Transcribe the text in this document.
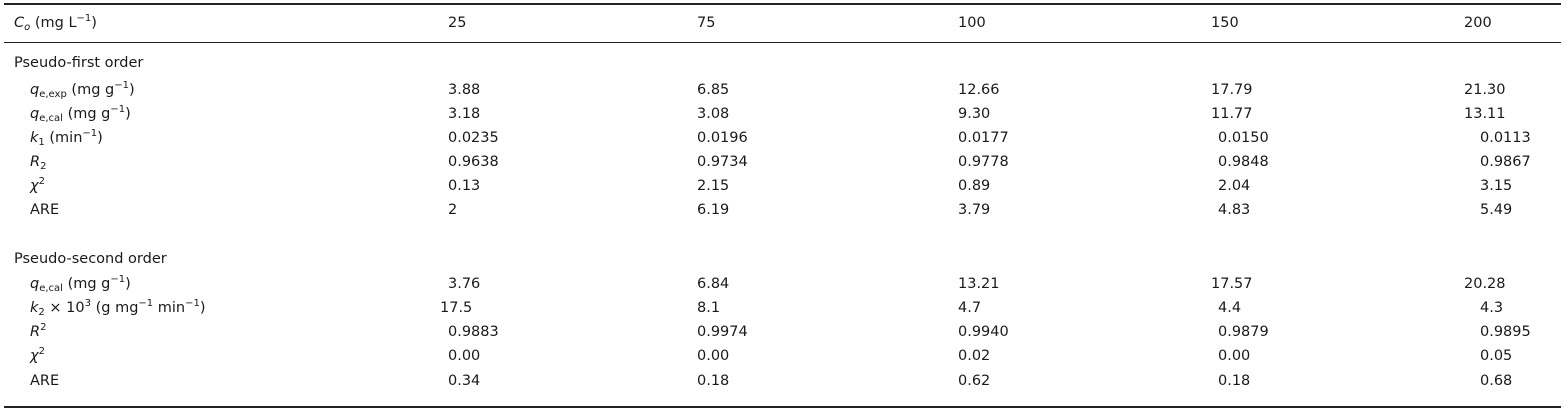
$C_o$ (mg $L^{-1}$)	25	75	100	150	200
Pseudo-first order
$q_{e,exp}$ (mg $g^{-1}$)	3.88	6.85	12.66	17.79	21.30
$q_{e,cal}$ (mg $g^{-1}$)	3.18	3.08	9.30	11.77	13.11
$k_1$ $(\min^{-1})$	0.0235	0.0196	0.0177	0.0150	0.0113
$R_2$	0.9638	0.9734	0.9778	0.9848	0.9867
$\chi^2$	0.13	2.15	0.89	2.04	3.15
ARE	2	6.19	3.79	4.83	5.49
Pseudo-second order
$q_{e,cal}$ (mg $g^{-1}$)	3.76	6.84	13.21	17.57	20.28
$k_2 \times 10^3$ (g $mg^{-1}$ $\min^{-1}$)	17.5	8.1	4.7	4.4	4.3
$R^2$	0.9883	0.9974	0.9940	0.9879	0.9895
$\chi^2$	0.00	0.00	0.02	0.00	0.05
ARE	0.34	0.18	0.62	0.18	0.68
